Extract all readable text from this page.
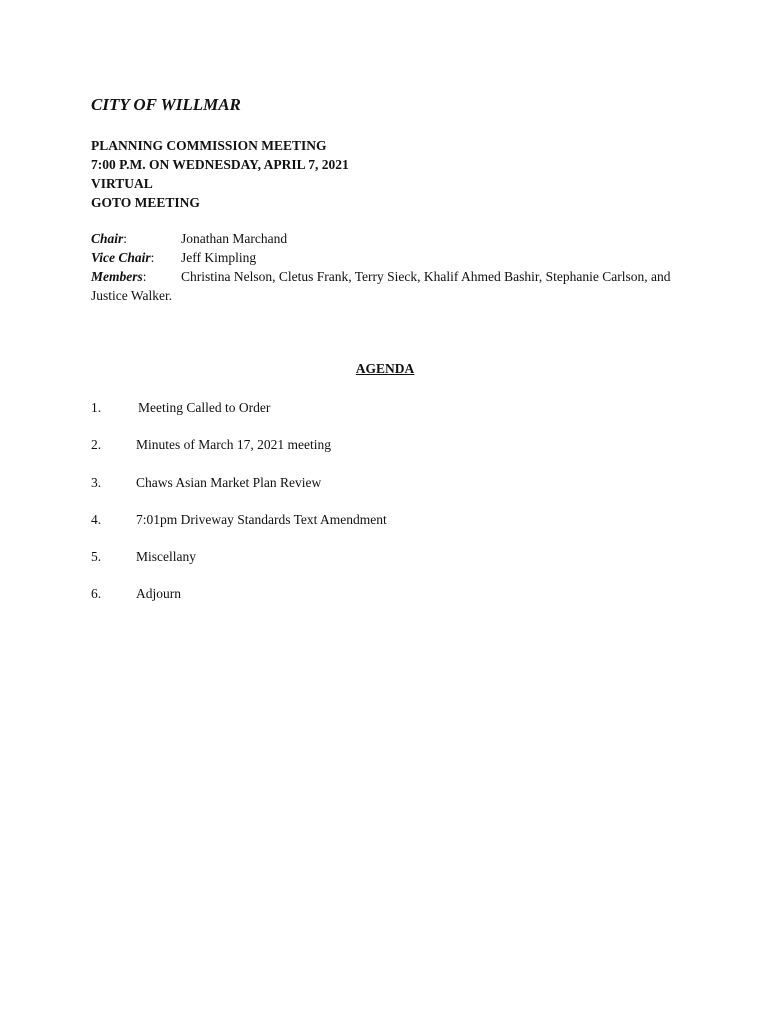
CITY OF WILLMAR
PLANNING COMMISSION MEETING
7:00 P.M. ON WEDNESDAY, APRIL 7, 2021
VIRTUAL
GOTO MEETING
Chair:	Jonathan Marchand
Vice Chair:	Jeff Kimpling
Members:	Christina Nelson, Cletus Frank, Terry Sieck, Khalif Ahmed Bashir, Stephanie Carlson, and Justice Walker.
AGENDA
1.	Meeting Called to Order
2.	Minutes of March 17, 2021 meeting
3.	Chaws Asian Market Plan Review
4.	7:01pm Driveway Standards Text Amendment
5.	Miscellany
6.	Adjourn
